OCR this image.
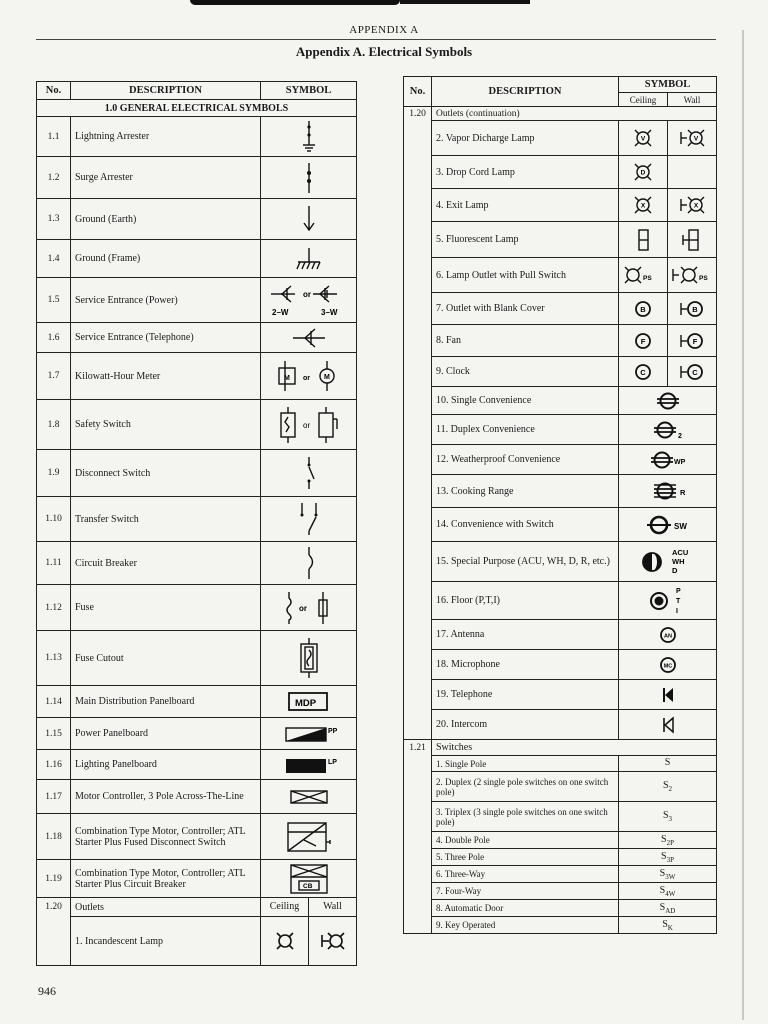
APPENDIX A
Appendix A. Electrical Symbols
946
No.	DESCRIPTION	SYMBOL
1.0 GENERAL ELECTRICAL SYMBOLS		
1.1	Lightning Arrester	

1.2	Surge Arrester	

1.3	Ground (Earth)	

1.4	Ground (Frame)	

1.5	Service Entrance (Power)	or
2–W 3–W

1.6	Service Entrance (Telephone)	

1.7	Kilowatt-Hour Meter	M or M

1.8	Safety Switch	or

1.9	Disconnect Switch	

1.10	Transfer Switch	

1.11	Circuit Breaker	

1.12	Fuse	or

1.13	Fuse Cutout	

1.14	Main Distribution Panelboard	MDP

1.15	Power Panelboard	PP

1.16	Lighting Panelboard	LP

1.17	Motor Controller, 3 Pole Across-The-Line	

1.18	Combination Type Motor, Controller; ATL Starter Plus Fused Disconnect Switch	

1.19	Combination Type Motor, Controller; ATL Starter Plus Circuit Breaker	CB

1.20	Outlets	Ceiling Wall

	1. Incandescent Lamp	
No.	DESCRIPTION	SYMBOL	
		Ceiling	Wall
1.20	Outlets (continuation)		
	2. Vapor Dicharge Lamp	V	V

	3. Drop Cord Lamp	D	

	4. Exit Lamp	X	X

	5. Fluorescent Lamp	

	6. Lamp Outlet with Pull Switch	PS	PS

	7. Outlet with Blank Cover	B	B

	8. Fan	F	F

	9. Clock	C	C

	10. Single Convenience	

	11. Duplex Convenience	2	

	12. Weatherproof Convenience	WP	

	13. Cooking Range	R	

	14. Convenience with Switch	SW	

	15. Special Purpose (ACU, WH, D, R, etc.)	ACU
WH
D	

	16. Floor (P,T,I)	P
T
I	

	17. Antenna	AN	

	18. Microphone	MC	

	19. Telephone	

	20. Intercom	

1.21	Switches		
	1. Single Pole	S	
	2. Duplex (2 single pole switches on one switch pole)	$S_2$
	3. Triplex (3 single pole switches on one switch pole)	$S_3$
	4. Double Pole	$S_{2P}$
	5. Three Pole	$S_{3P}$
	6. Three-Way	$S_{3W}$
	7. Four-Way	$S_{4W}$
	8. Automatic Door	$S_{AD}$
	9. Key Operated	$S_K$
